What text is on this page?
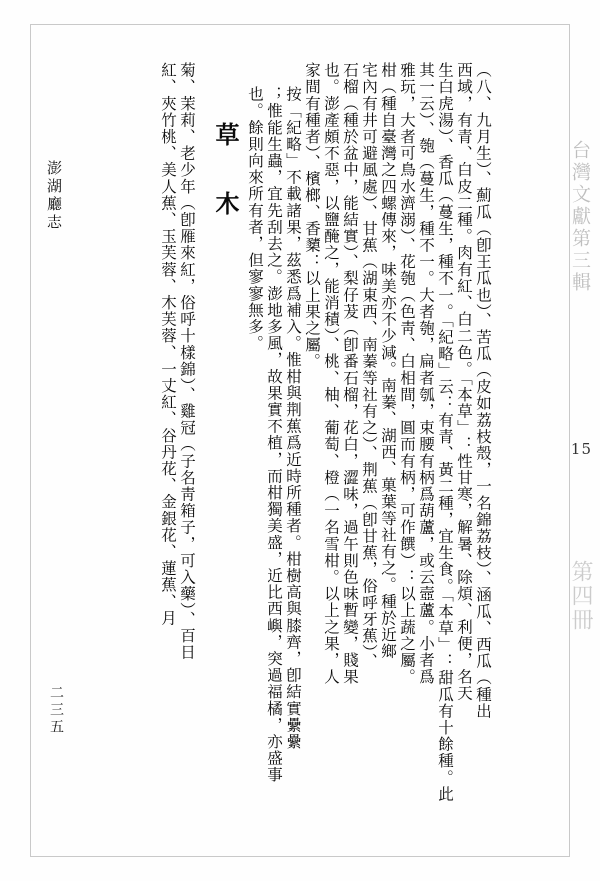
台灣文獻第三輯
第四冊
15
澎湖廳志
二三五	（八、九月生）、薊瓜（卽王瓜也）、苦瓜（皮如荔枝殼，一名錦荔枝）、涵瓜、西瓜（種出
西域，有青、白皮二種。肉有紅、白二色。「本草」：性甘寒，解暑、除煩、利便，名天
生白虎湯）、香瓜（蔓生，種不一。「紀略」云：有青、黃二種，宜生食。「本草」：甜瓜有十餘種。此
其一云）、匏（蔓生，種不一。大者匏，扁者瓠，束腰有柄爲葫蘆，或云壼蘆。小者爲
雅玩，大者可鳥水濟溺）、花匏（色靑、白相間，圓而有柄，可作饌）：以上蔬之屬。
柑（種自臺灣之四螺傳來，味美亦不少減。南蓁、湖西、菓葉等社有之。種於近鄉
宅內有井可避風處）、甘蕉（湖東西、南蓁等社有之）、荆蕉（卽甘蕉，俗呼牙蕉）、
石榴（種於盆中，能結實）、梨仔茇（卽番石榴，花白，澀味，過午則色味暫變，賤果
也。澎產頗不惡，以鹽醃之，能消積）、桃、柚、葡萄、橙（一名雪柑。以上之果，人
家間有種者）、檳榔、香櫫：以上果之屬。
按「紀略」不載諸果，茲悉爲補入。惟柑與荆蕉爲近時所種者。柑樹高與膝齊，卽結實纍纍
；惟能生蟲，宜先刮去之。澎地多風，故果實不植，而柑獨美盛，近比西嶼，突過福橘，亦盛事
也。餘則向來所有者，但寥寥無多。
草 木
菊、茉莉、老少年（卽雁來紅，俗呼十樣錦）、雞冠（子名靑箱子，可入藥）、百日
紅、夾竹桃、美人蕉、玉芙蓉、木芙蓉、一丈紅、谷丹花、金銀花、蓮蕉、月
